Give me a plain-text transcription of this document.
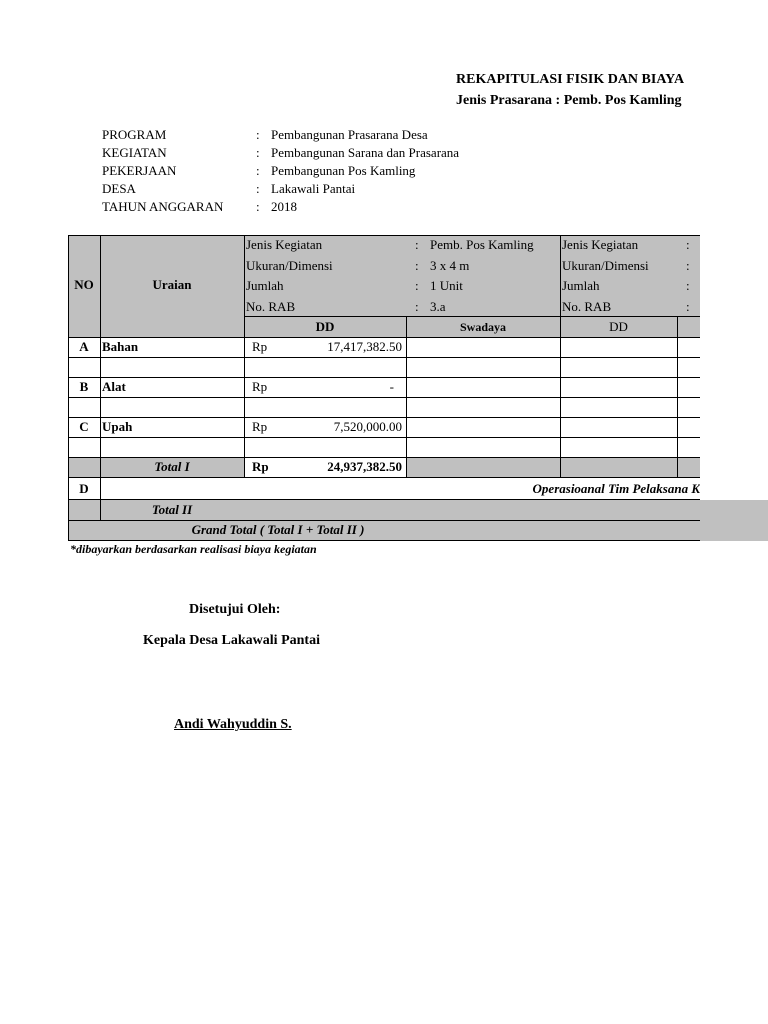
REKAPITULASI FISIK DAN BIAYA
Jenis Prasarana : Pemb. Pos Kamling
PROGRAM	: Pembangunan Prasarana Desa
KEGIATAN	: Pembangunan Sarana dan Prasarana
PEKERJAAN	: Pembangunan Pos Kamling
DESA	: Lakawali Pantai
TAHUN ANGGARAN	: 2018
NO	Uraian
Jenis Kegiatan	: Pemb. Pos Kamling
Ukuran/Dimensi	: 3 x 4 m
Jumlah	: 1 Unit
No. RAB	: 3.a
Jenis Kegiatan	:
Ukuran/Dimensi	:
Jumlah	:
No. RAB	:
DD	Swadaya	DD
A	Bahan	Rp	17,417,382.50
B	Alat	Rp	-
C	Upah	Rp	7,520,000.00
Total I	Rp	24,937,382.50
D	Operasioanal Tim Pelaksana K
Total II
Grand Total ( Total I + Total II )
*dibayarkan berdasarkan realisasi biaya kegiatan
Disetujui Oleh:
Kepala Desa Lakawali Pantai
Andi Wahyuddin S.
